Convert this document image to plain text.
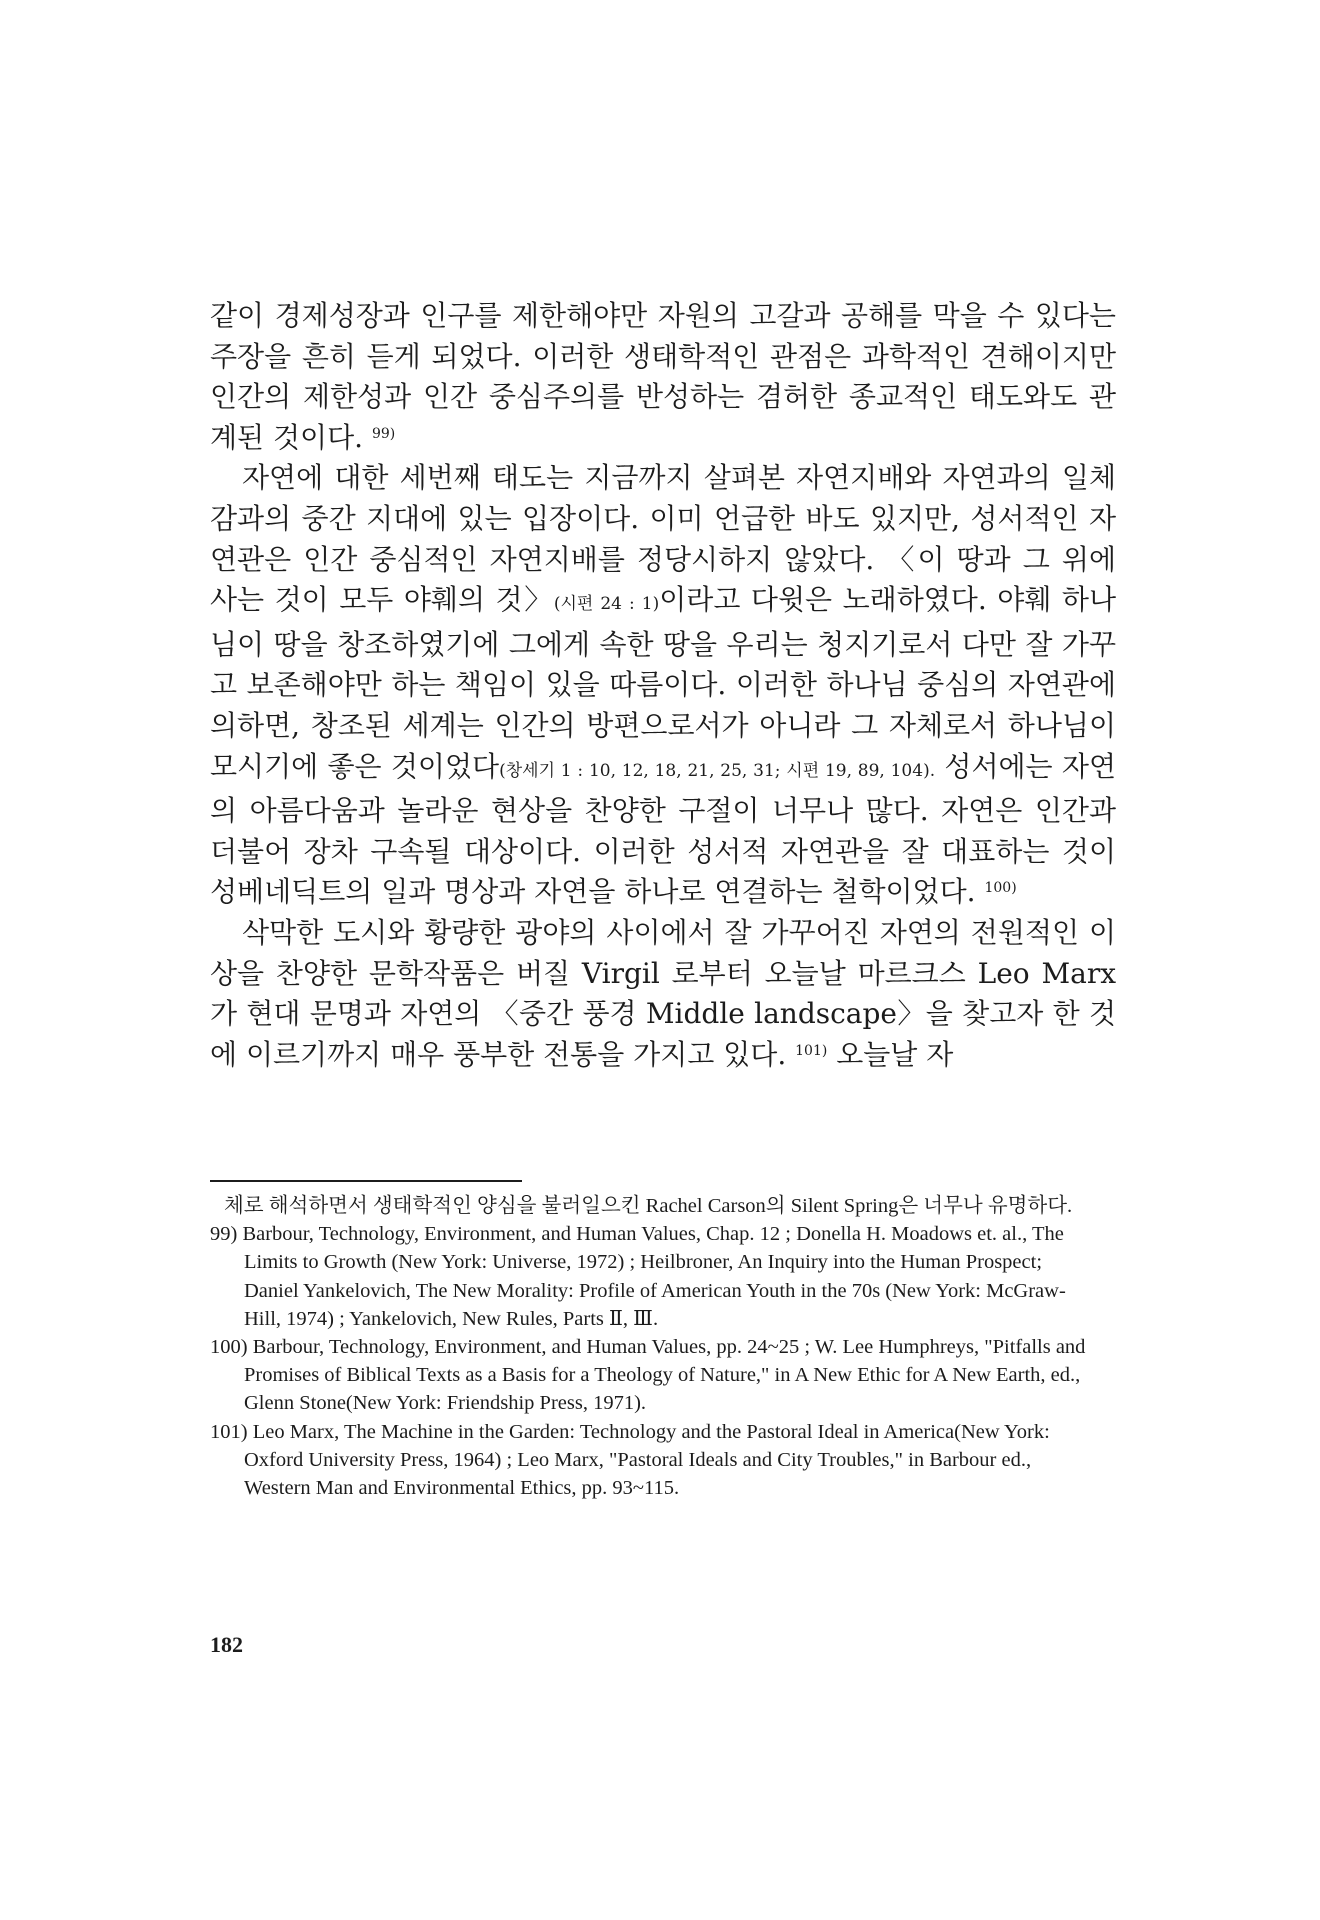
같이 경제성장과 인구를 제한해야만 자원의 고갈과 공해를 막을 수 있다는 주장을 흔히 듣게 되었다. 이러한 생태학적인 관점은 과학적인 견해이지만 인간의 제한성과 인간 중심주의를 반성하는 겸허한 종교적인 태도와도 관계된 것이다. $^{99)}$

자연에 대한 세번째 태도는 지금까지 살펴본 자연지배와 자연과의 일체감과의 중간 지대에 있는 입장이다. 이미 언급한 바도 있지만, 성서적인 자연관은 인간 중심적인 자연지배를 정당시하지 않았다. 〈이 땅과 그 위에 사는 것이 모두 야훼의 것〉(시편 24 : 1)이라고 다윗은 노래하였다. 야훼 하나님이 땅을 창조하였기에 그에게 속한 땅을 우리는 청지기로서 다만 잘 가꾸고 보존해야만 하는 책임이 있을 따름이다. 이러한 하나님 중심의 자연관에 의하면, 창조된 세계는 인간의 방편으로서가 아니라 그 자체로서 하나님이 모시기에 좋은 것이었다(창세기 1 : 10, 12, 18, 21, 25, 31; 시편 19, 89, 104). 성서에는 자연의 아름다움과 놀라운 현상을 찬양한 구절이 너무나 많다. 자연은 인간과 더불어 장차 구속될 대상이다. 이러한 성서적 자연관을 잘 대표하는 것이 성베네딕트의 일과 명상과 자연을 하나로 연결하는 철학이었다. $^{100)}$

삭막한 도시와 황량한 광야의 사이에서 잘 가꾸어진 자연의 전원적인 이상을 찬양한 문학작품은 버질 Virgil 로부터 오늘날 마르크스 Leo Marx가 현대 문명과 자연의 〈중간 풍경 Middle landscape〉을 찾고자 한 것에 이르기까지 매우 풍부한 전통을 가지고 있다. $^{101)}$ 오늘날 자

체로 해석하면서 생태학적인 양심을 불러일으킨 Rachel Carson의 Silent Spring은 너무나 유명하다.

99) Barbour, Technology, Environment, and Human Values, Chap. 12 ; Donella H. Moadows et. al., The Limits to Growth (New York: Universe, 1972) ; Heilbroner, An Inquiry into the Human Prospect; Daniel Yankelovich, The New Morality: Profile of American Youth in the 70s (New York: McGraw-Hill, 1974) ; Yankelovich, New Rules, Parts Ⅱ, Ⅲ.

100) Barbour, Technology, Environment, and Human Values, pp. 24~25 ; W. Lee Humphreys, "Pitfalls and Promises of Biblical Texts as a Basis for a Theology of Nature," in A New Ethic for A New Earth, ed., Glenn Stone(New York: Friendship Press, 1971).

101) Leo Marx, The Machine in the Garden: Technology and the Pastoral Ideal in America(New York: Oxford University Press, 1964) ; Leo Marx, "Pastoral Ideals and City Troubles," in Barbour ed., Western Man and Environmental Ethics, pp. 93~115.

182
